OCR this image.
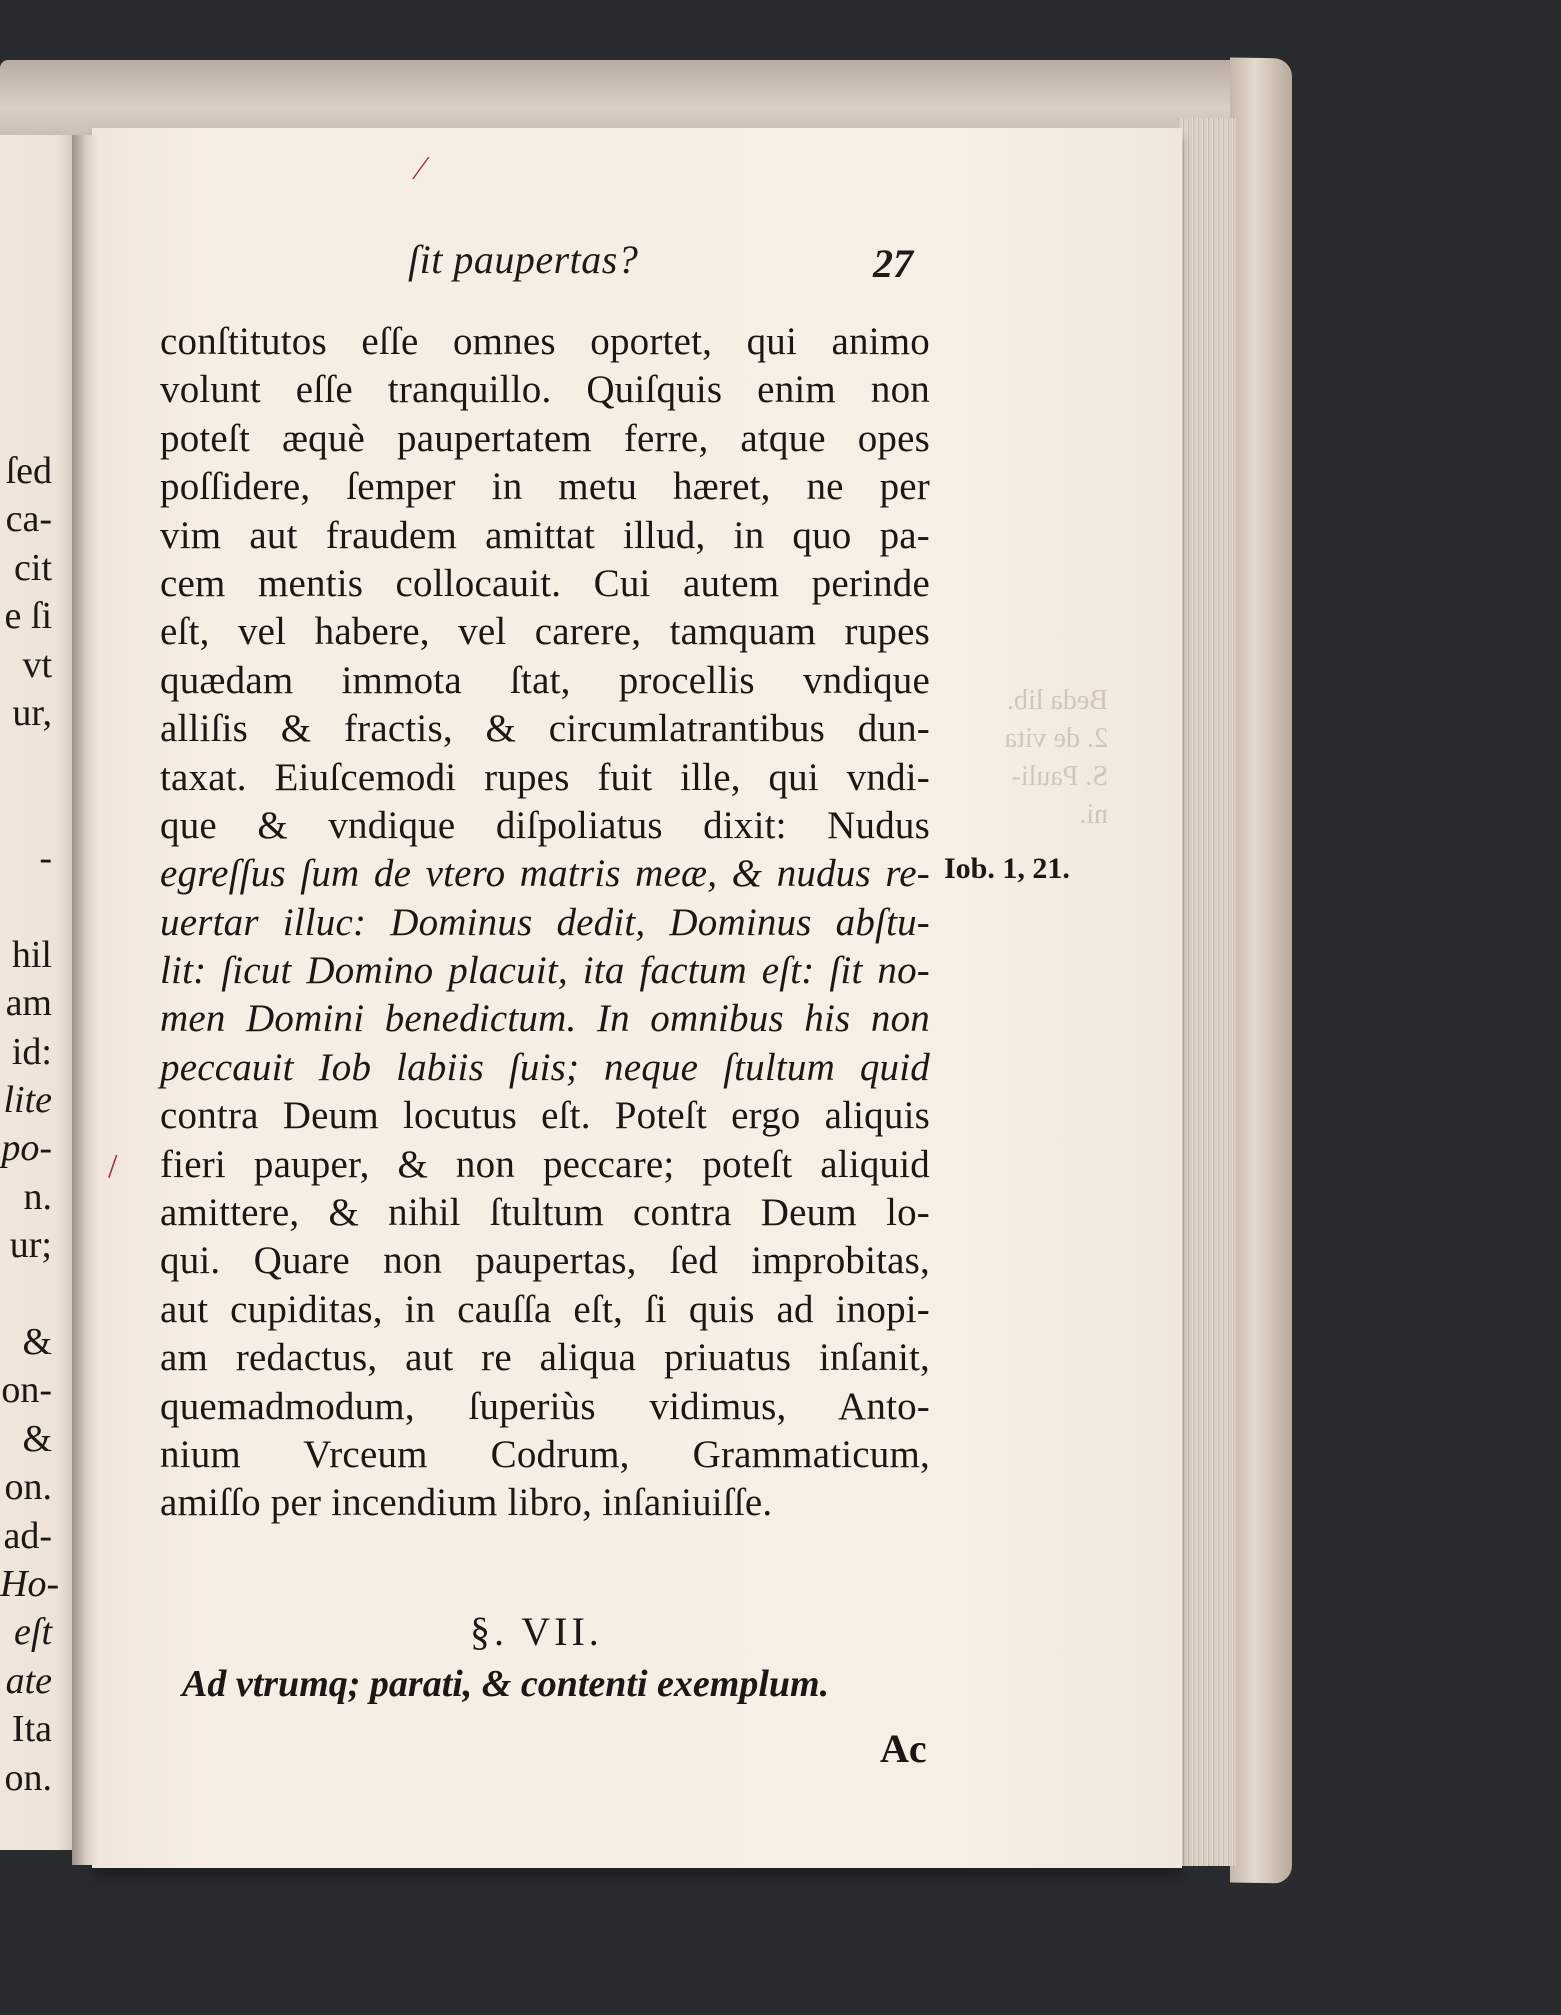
ſed
ca-
cit
e ſi
vt
ur,
-
hil
am
id:
lite
po-
n.
ur;
&
on-
&
on.
ad-
Ho-
eſt
ate
Ita
on.
Beda lib.
2. de vita
S. Pauli-
ni.
ſit paupertas?	27
conſtitutos eſſe omnes oportet, qui animo
volunt eſſe tranquillo. Quiſquis enim non
poteſt æquè paupertatem ferre, atque opes
poſſidere, ſemper in metu hæret, ne per
vim aut fraudem amittat illud, in quo pa-
cem mentis collocauit. Cui autem perinde
eſt, vel habere, vel carere, tamquam rupes
quædam immota ſtat, procellis vndique
alliſis & fractis, & circumlatrantibus dun-
taxat. Eiuſcemodi rupes fuit ille, qui vndi-
que & vndique diſpoliatus dixit: Nudus
egreſſus ſum de vtero matris meæ, & nudus re-
uertar illuc: Dominus dedit, Dominus abſtu-
lit: ſicut Domino placuit, ita factum eſt: ſit no-
men Domini benedictum. In omnibus his non
peccauit Iob labiis ſuis; neque ſtultum quid
contra Deum locutus eſt. Poteſt ergo aliquis
fieri pauper, & non peccare; poteſt aliquid
amittere, & nihil ſtultum contra Deum lo-
qui. Quare non paupertas, ſed improbitas,
aut cupiditas, in cauſſa eſt, ſi quis ad inopi-
am redactus, aut re aliqua priuatus inſanit,
quemadmodum, ſuperiùs vidimus, Anto-
nium Vrceum Codrum, Grammaticum,
amiſſo per incendium libro, inſaniuiſſe.
Iob. 1, 21.
§. VII.
Ad vtrumq; parati, & contenti exemplum.
Ac
⁄
/
